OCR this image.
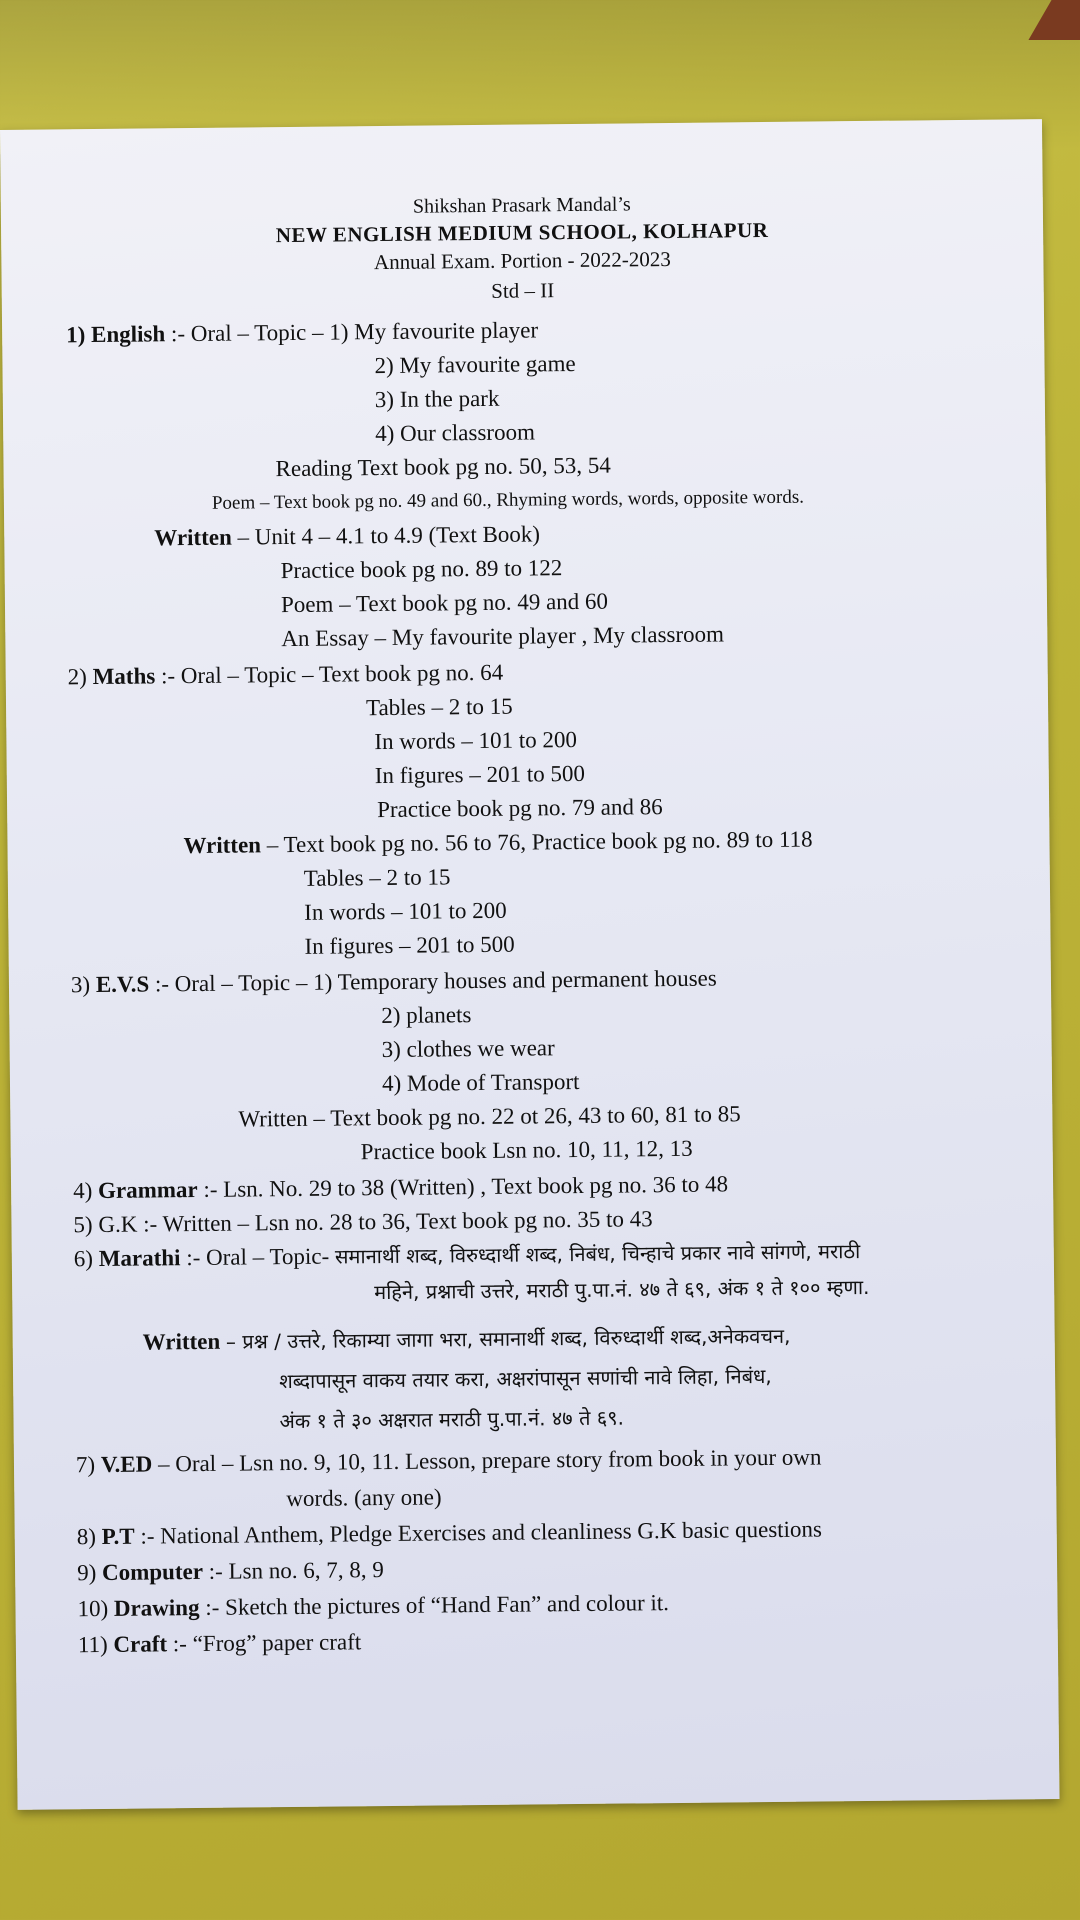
Shikshan Prasark Mandal’s
NEW ENGLISH MEDIUM SCHOOL, KOLHAPUR
Annual Exam. Portion - 2022-2023
Std – II
1) English :- Oral – Topic – 1) My favourite player
2) My favourite game
3) In the park
4) Our classroom
Reading Text book pg no. 50, 53, 54
Poem – Text book pg no. 49 and 60., Rhyming words, words, opposite words.
Written – Unit 4 – 4.1 to 4.9 (Text Book)
Practice book pg no. 89 to 122
Poem – Text book pg no. 49 and 60
An Essay – My favourite player , My classroom
2) Maths :- Oral – Topic – Text book pg no. 64
Tables – 2 to 15
In words – 101 to 200
In figures – 201 to 500
Practice book pg no. 79 and 86
Written – Text book pg no. 56 to 76, Practice book pg no. 89 to 118
Tables – 2 to 15
In words – 101 to 200
In figures – 201 to 500
3) E.V.S :- Oral – Topic – 1) Temporary houses and permanent houses
2) planets
3) clothes we wear
4) Mode of Transport
Written – Text book pg no. 22 ot 26, 43 to 60, 81 to 85
Practice book Lsn no. 10, 11, 12, 13
4) Grammar :- Lsn. No. 29 to 38 (Written) , Text book pg no. 36 to 48
5) G.K :- Written – Lsn no. 28 to 36, Text book pg no. 35 to 43
6) Marathi :- Oral – Topic- समानार्थी शब्द, विरुध्दार्थी शब्द, निबंध, चिन्हाचे प्रकार नावे सांगणे, मराठी
महिने, प्रश्नाची उत्तरे, मराठी पु.पा.नं. ४७ ते ६९, अंक १ ते १०० म्हणा.
Written – प्रश्न / उत्तरे, रिकाम्या जागा भरा, समानार्थी शब्द, विरुध्दार्थी शब्द,अनेकवचन,
शब्दापासून वाकय तयार करा, अक्षरांपासून सणांची नावे लिहा, निबंध,
अंक १ ते ३० अक्षरात मराठी पु.पा.नं. ४७ ते ६९.
7) V.ED – Oral – Lsn no. 9, 10, 11. Lesson, prepare story from book in your own
words. (any one)
8) P.T :- National Anthem, Pledge Exercises and cleanliness G.K basic questions
9) Computer :- Lsn no. 6, 7, 8, 9
10) Drawing :- Sketch the pictures of “Hand Fan” and colour it.
11) Craft :- “Frog” paper craft
